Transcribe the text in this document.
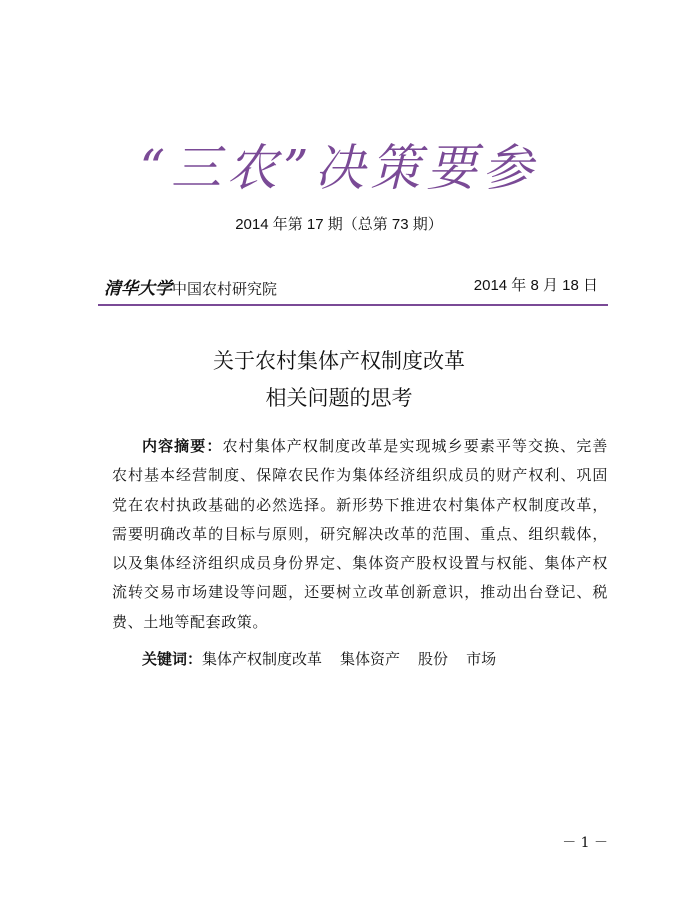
“三农”决策要参
2014 年第 17 期（总第 73 期）
清华大学中国农村研究院	2014 年 8 月 18 日
关于农村集体产权制度改革
相关问题的思考
内容摘要：农村集体产权制度改革是实现城乡要素平等交换、完善农村基本经营制度、保障农民作为集体经济组织成员的财产权利、巩固党在农村执政基础的必然选择。新形势下推进农村集体产权制度改革，需要明确改革的目标与原则，研究解决改革的范围、重点、组织载体，以及集体经济组织成员身份界定、集体资产股权设置与权能、集体产权流转交易市场建设等问题，还要树立改革创新意识，推动出台登记、税费、土地等配套政策。
关键词：集体产权制度改革 集体资产 股份 市场
－ 1 －
